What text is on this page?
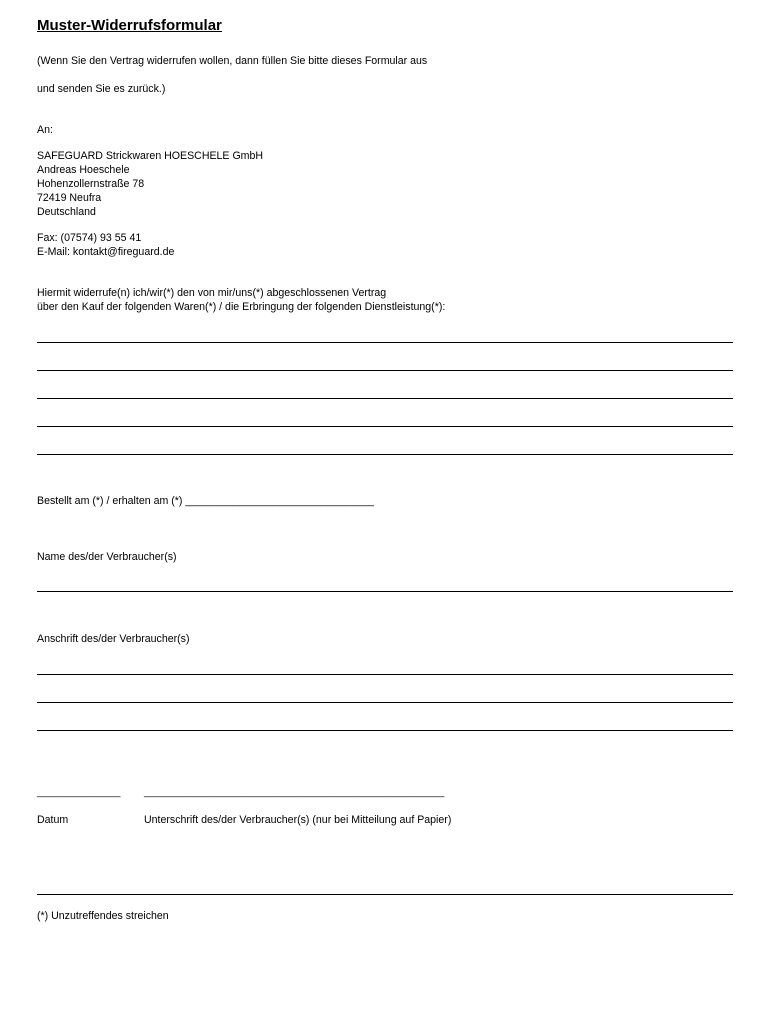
Muster-Widerrufsformular
(Wenn Sie den Vertrag widerrufen wollen, dann füllen Sie bitte dieses Formular aus
und senden Sie es zurück.)
An:
SAFEGUARD Strickwaren HOESCHELE GmbH
Andreas Hoeschele
Hohenzollernstraße 78
72419 Neufra
Deutschland
Fax: (07574) 93 55 41
E-Mail: kontakt@fireguard.de
Hiermit widerrufe(n) ich/wir(*) den von mir/uns(*) abgeschlossenen Vertrag
über den Kauf der folgenden Waren(*) / die Erbringung der folgenden Dienstleistung(*):
Bestellt am (*) / erhalten am (*) ________________________________
Name des/der Verbraucher(s)
Anschrift des/der Verbraucher(s)
_______________ ______________________________________________________
Datum	Unterschrift des/der Verbraucher(s) (nur bei Mitteilung auf Papier)
(*) Unzutreffendes streichen
